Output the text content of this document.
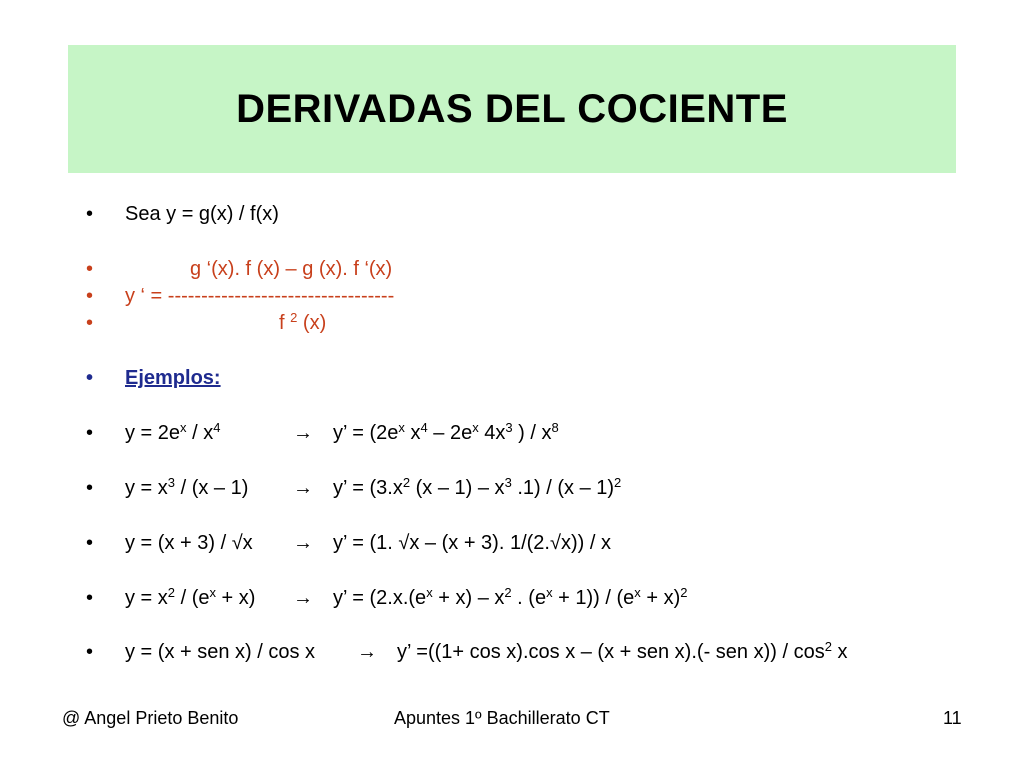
DERIVADAS DEL COCIENTE
• Sea y = g(x) / f(x)
•	g ‘(x). f (x) – g (x). f ‘(x)
• y ‘ = ----------------------------------
•	f $^2$ (x)
• Ejemplos:
• $y = 2e^x / x^4$	→ y’ = ($2e^x$ $x^4 - 2e^x$ $4x^3$ ) / $x^8$
• $y = x^3 / (x - 1) \to y$’ = ($3.x^2$ $(x - 1) - x^3$ .1) / (x – 1)$^2$
• y = (x + 3) / √x → y’ = (1. √x – (x + 3). 1/(2.√x)) / x
• $y = x^2 / (e^x + x) \to y$’ = ($2.x.(e^x + x) - x^2$ . $(e^x + 1)) / (e^x + x)^2$
• y = (x + sen x) / cos x → y’ =((1+ cos x).cos x – (x + sen x).(- sen $x)) / \cos^2 x$
@ Angel Prieto Benito	Apuntes 1º Bachillerato CT	11
